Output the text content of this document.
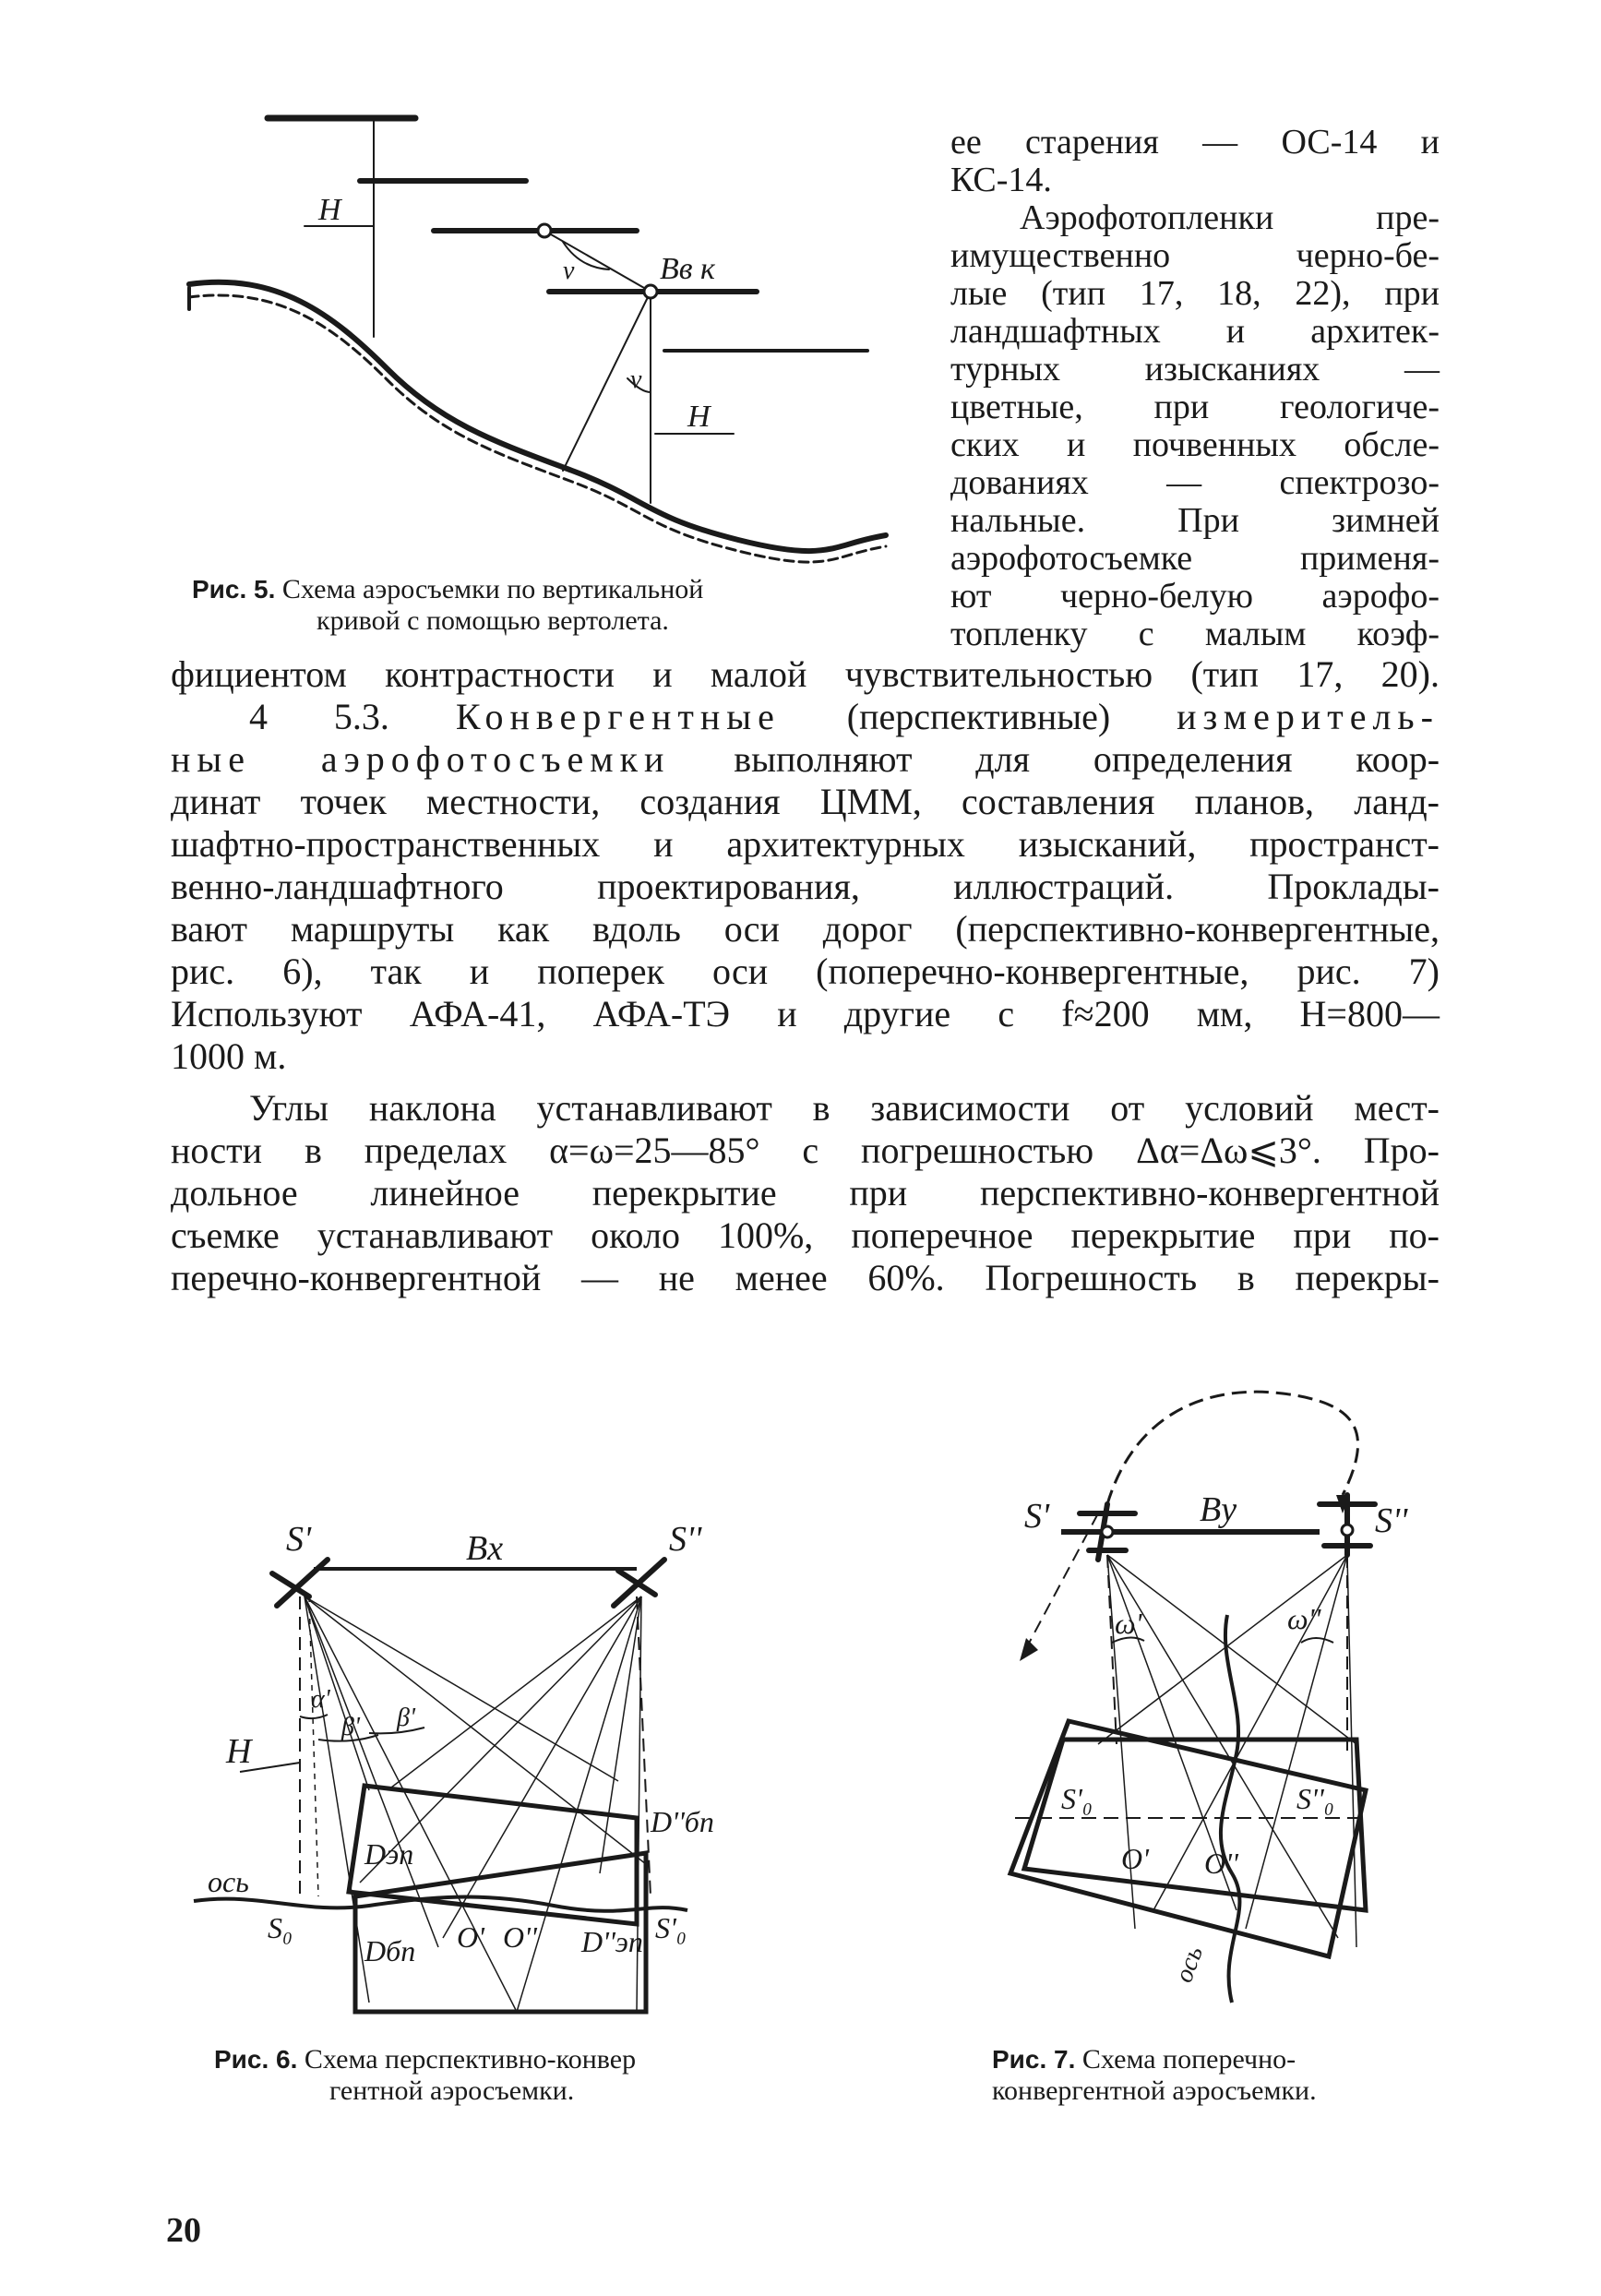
H
H
Bв к
ν
ν
Рис. 5. Схема аэросъемки по вертикальной
кривой с помощью вертолета.
ее старения — ОС-14 и
КС-14.
Аэрофотопленки пре-
имущественно черно-бе-
лые (тип 17, 18, 22), при
ландшафтных и архитек-
турных изысканиях —
цветные, при геологиче-
ских и почвенных обсле-
дованиях — спектрозо-
нальные. При зимней
аэрофотосъемке применя-
ют черно-белую аэрофо-
топленку с малым коэф-
фициентом контрастности и малой чувствительностью (тип 17, 20).
4 5.3. Конвергентные (перспективные) измеритель-
ные аэрофотосъемки выполняют для определения коор-
динат точек местности, создания ЦММ, составления планов, ланд-
шафтно-пространственных и архитектурных изысканий, пространст-
венно-ландшафтного проектирования, иллюстраций. Проклады-
вают маршруты как вдоль оси дорог (перспективно-конвергентные,
рис. 6), так и поперек оси (поперечно-конвергентные, рис. 7)
Используют АФА-41, АФА-ТЭ и другие с f≈200 мм, H=800—
1000 м.
Углы наклона устанавливают в зависимости от условий мест-
ности в пределах α=ω=25—85° с погрешностью Δα=Δω⩽3°. Про-
дольное линейное перекрытие при перспективно-конвергентной
съемке устанавливают около 100%, поперечное перекрытие при по-
перечно-конвергентной — не менее 60%. Погрешность в перекры-
S'	S''
Bx
H
ось
α'
β' β'
Dэп
Dбп
D''бп
D''эп
S₀	S'₀
O' O''
Рис. 6. Схема перспективно-конвер
гентной аэросъемки.
S'	S''
By
ω'	ω''
S'₀	S''₀
O' O''
ось
Рис. 7. Схема поперечно-
конвергентной аэросъемки.
20
